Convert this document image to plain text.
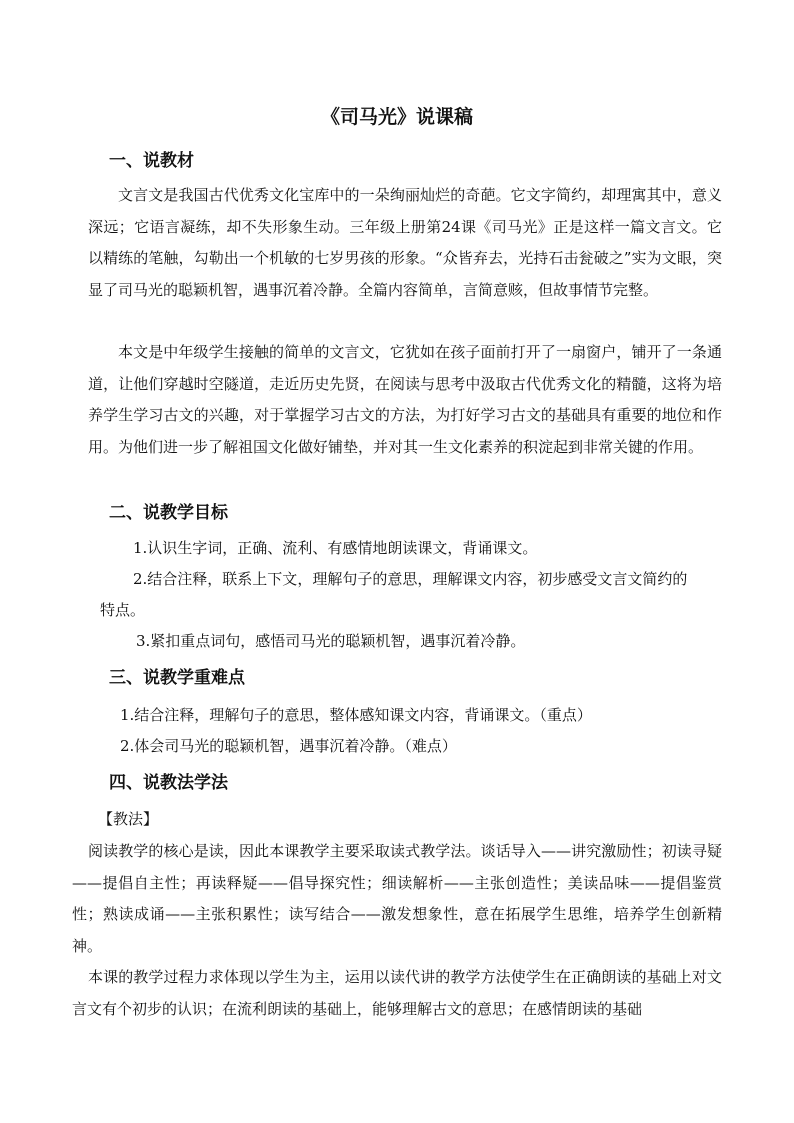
《司马光》说课稿
一、说教材
文言文是我国古代优秀文化宝库中的一朵绚丽灿烂的奇葩。它文字简约，却理寓其中，意义深远；它语言凝练，却不失形象生动。三年级上册第24课《司马光》正是这样一篇文言文。它以精练的笔触，勾勒出一个机敏的七岁男孩的形象。“众皆弃去，光持石击瓮破之”实为文眼，突显了司马光的聪颖机智，遇事沉着冷静。全篇内容简单，言简意赅，但故事情节完整。
本文是中年级学生接触的简单的文言文，它犹如在孩子面前打开了一扇窗户，铺开了一条通道，让他们穿越时空隧道，走近历史先贤，在阅读与思考中汲取古代优秀文化的精髓，这将为培养学生学习古文的兴趣，对于掌握学习古文的方法，为打好学习古文的基础具有重要的地位和作用。为他们进一步了解祖国文化做好铺垫，并对其一生文化素养的积淀起到非常关键的作用。
二、说教学目标
1.认识生字词，正确、流利、有感情地朗读课文，背诵课文。
2.结合注释，联系上下文，理解句子的意思，理解课文内容，初步感受文言文简约的
特点。
3.紧扣重点词句，感悟司马光的聪颖机智，遇事沉着冷静。
三、说教学重难点
1.结合注释，理解句子的意思，整体感知课文内容，背诵课文。（重点）
2.体会司马光的聪颖机智，遇事沉着冷静。（难点）
四、说教法学法
【教法】
阅读教学的核心是读，因此本课教学主要采取读式教学法。谈话导入——讲究激励性；初读寻疑——提倡自主性；再读释疑——倡导探究性；细读解析——主张创造性；美读品味——提倡鉴赏性；熟读成诵——主张积累性；读写结合——激发想象性，意在拓展学生思维，培养学生创新精神。
本课的教学过程力求体现以学生为主，运用以读代讲的教学方法使学生在正确朗读的基础上对文言文有个初步的认识；在流利朗读的基础上，能够理解古文的意思；在感情朗读的基础
